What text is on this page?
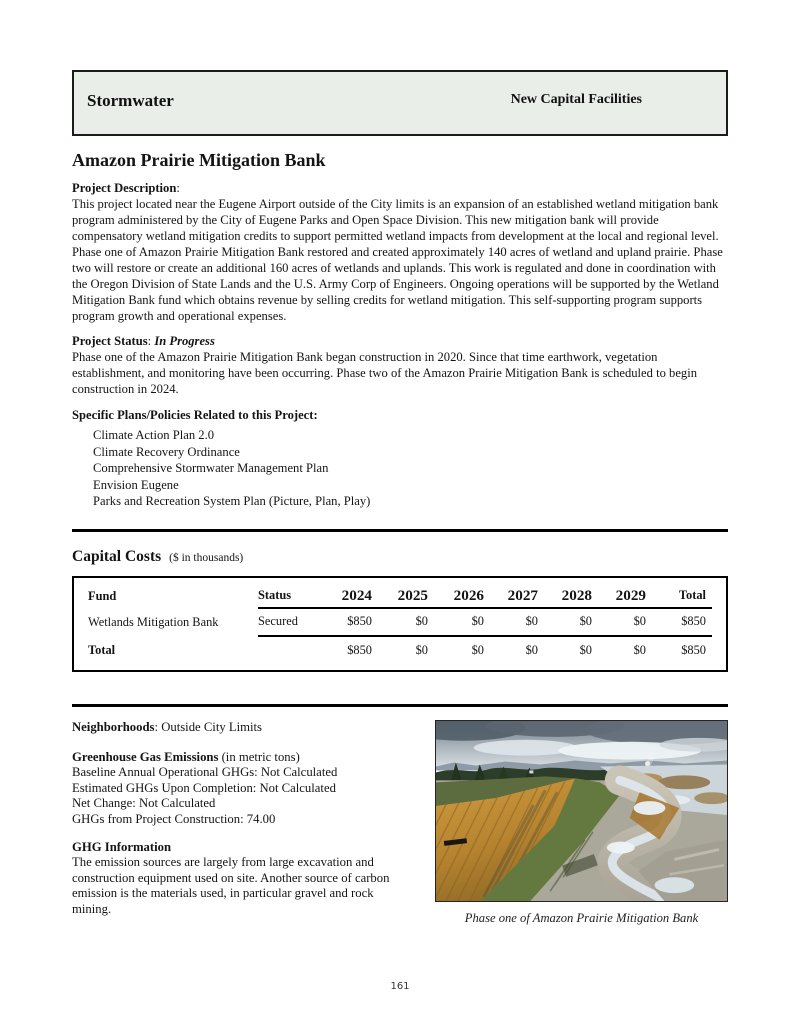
Stormwater	New Capital Facilities
Amazon Prairie Mitigation Bank

Project Description:

This project located near the Eugene Airport outside of the City limits is an expansion of an established wetland mitigation bank program administered by the City of Eugene Parks and Open Space Division. This new mitigation bank will provide compensatory wetland mitigation credits to support permitted wetland impacts from development at the local and regional level. Phase one of Amazon Prairie Mitigation Bank restored and created approximately 140 acres of wetland and upland prairie. Phase two will restore or create an additional 160 acres of wetlands and uplands. This work is regulated and done in coordination with the Oregon Division of State Lands and the U.S. Army Corp of Engineers. Ongoing operations will be supported by the Wetland Mitigation Bank fund which obtains revenue by selling credits for wetland mitigation. This self-supporting program supports program growth and operational expenses.

Project Status: In Progress

Phase one of the Amazon Prairie Mitigation Bank began construction in 2020. Since that time earthwork, vegetation establishment, and monitoring have been occurring. Phase two of the Amazon Prairie Mitigation Bank is scheduled to begin construction in 2024.

Specific Plans/Policies Related to this Project:

Climate Action Plan 2.0
Climate Recovery Ordinance
Comprehensive Stormwater Management Plan
Envision Eugene
Parks and Recreation System Plan (Picture, Plan, Play)

Capital Costs ($ in thousands)

Fund	Status	2024	2025	2026	2027	2028	2029	Total
Wetlands Mitigation Bank	Secured	$850	$0	$0	$0	$0	$0	$850
Total		$850	$0	$0	$0	$0	$0	$850

Neighborhoods: Outside City Limits

Greenhouse Gas Emissions (in metric tons)

Baseline Annual Operational GHGs: Not Calculated

Estimated GHGs Upon Completion: Not Calculated

Net Change: Not Calculated

GHGs from Project Construction: 74.00

GHG Information

The emission sources are largely from large excavation and construction equipment used on site. Another source of carbon emission is the materials used, in particular gravel and rock mining.

Phase one of Amazon Prairie Mitigation Bank
161
